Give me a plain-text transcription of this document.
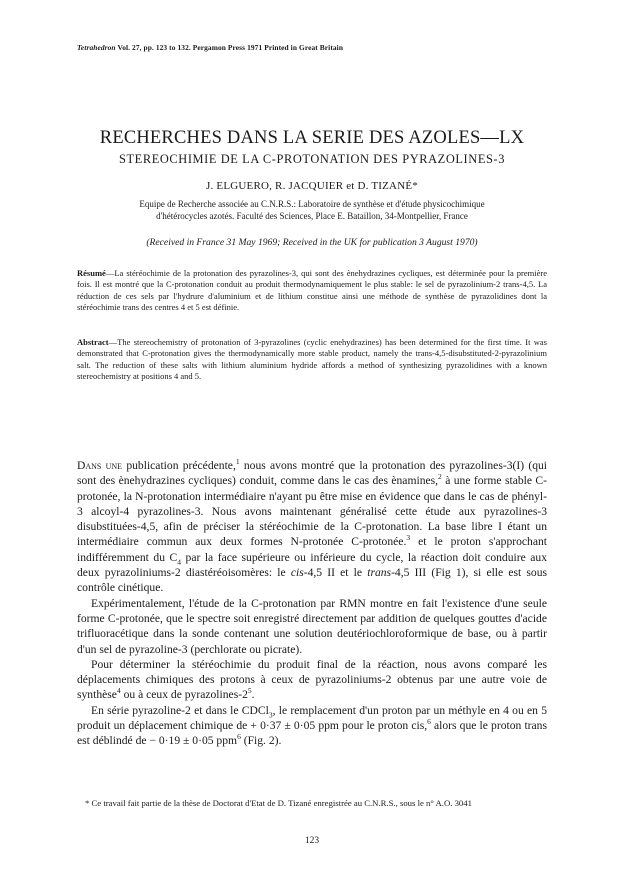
Tetrahedron Vol. 27, pp. 123 to 132. Pergamon Press 1971 Printed in Great Britain
RECHERCHES DANS LA SERIE DES AZOLES—LX
STEREOCHIMIE DE LA C-PROTONATION DES PYRAZOLINES-3
J. ELGUERO, R. JACQUIER et D. TIZANÉ*
Equipe de Recherche associée au C.N.R.S.: Laboratoire de synthèse et d'étude physicochimique
d'hétérocycles azotés. Faculté des Sciences, Place E. Bataillon, 34-Montpellier, France
(Received in France 31 May 1969; Received in the UK for publication 3 August 1970)
Résumé—La stéréochimie de la protonation des pyrazolines-3, qui sont des ènehydrazines cycliques, est déterminée pour la première fois. Il est montré que la C-protonation conduit au produit thermodynamiquement le plus stable: le sel de pyrazolinium-2 trans-4,5. La réduction de ces sels par l'hydrure d'aluminium et de lithium constitue ainsi une méthode de synthèse de pyrazolidines dont la stéréochimie trans des centres 4 et 5 est définie.
Abstract—The stereochemistry of protonation of 3-pyrazolines (cyclic enehydrazines) has been determined for the first time. It was demonstrated that C-protonation gives the thermodynamically more stable product, namely the trans-4,5-disubstituted-2-pyrazolinium salt. The reduction of these salts with lithium aluminium hydride affords a method of synthesizing pyrazolidines with a known stereochemistry at positions 4 and 5.

Dans une publication précédente,$^1$ nous avons montré que la protonation des pyrazolines-3(I) (qui sont des ènehydrazines cycliques) conduit, comme dans le cas des ènamines,$^2$ à une forme stable C-protonée, la N-protonation intermédiaire n'ayant pu être mise en évidence que dans le cas de phényl-3 alcoyl-4 pyrazolines-3. Nous avons maintenant généralisé cette étude aux pyrazolines-3 disubstituées-4,5, afin de préciser la stéréochimie de la C-protonation. La base libre I étant un intermédiaire commun aux deux formes N-protonée C-protonée.$^3$ et le proton s'approchant indifféremment du $C_4$ par la face supérieure ou inférieure du cycle, la réaction doit conduire aux deux pyrazoliniums-2 diastéréoisomères: le cis-4,5 II et le trans-4,5 III (Fig 1), si elle est sous contrôle cinétique.

Expérimentalement, l'étude de la C-protonation par RMN montre en fait l'existence d'une seule forme C-protonée, que le spectre soit enregistré directement par addition de quelques gouttes d'acide trifluoracétique dans la sonde contenant une solution deutériochloroformique de base, ou à partir d'un sel de pyrazoline-3 (perchlorate ou picrate).

Pour déterminer la stéréochimie du produit final de la réaction, nous avons comparé les déplacements chimiques des protons à ceux de pyrazoliniums-2 obtenus par une autre voie de synthèse$^4$ ou à ceux de pyrazolines-$2^5$.

En série pyrazoline-2 et dans le CDCl$_3$, le remplacement d'un proton par un méthyle en 4 ou en 5 produit un déplacement chimique de + 0·37 ± 0·05 ppm pour le proton cis,$^6$ alors que le proton trans est déblindé de − 0·19 ± 0·05 ppm$^6$ (Fig. 2).

* Ce travail fait partie de la thèse de Doctorat d'Etat de D. Tizané enregistrée au C.N.R.S., sous le n° A.O. 3041
123
